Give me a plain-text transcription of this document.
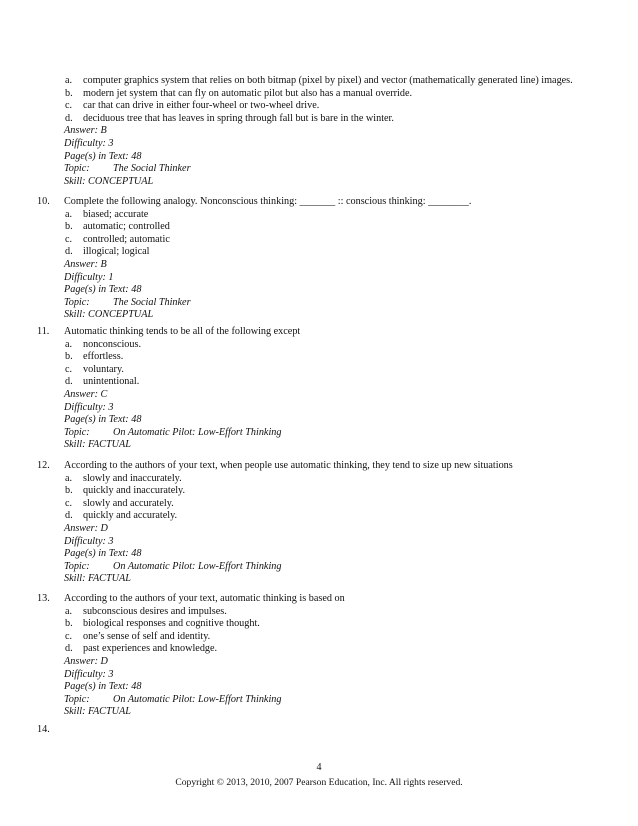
a. computer graphics system that relies on both bitmap (pixel by pixel) and vector (mathematically generated line) images.
b. modern jet system that can fly on automatic pilot but also has a manual override.
c. car that can drive in either four-wheel or two-wheel drive.
d. deciduous tree that has leaves in spring through fall but is bare in the winter.
Answer: B
Difficulty: 3
Page(s) in Text: 48
Topic: The Social Thinker
Skill: CONCEPTUAL
10. Complete the following analogy. Nonconscious thinking: _______ :: conscious thinking: ________.
a. biased; accurate
b. automatic; controlled
c. controlled; automatic
d. illogical; logical
Answer: B
Difficulty: 1
Page(s) in Text: 48
Topic: The Social Thinker
Skill: CONCEPTUAL
11. Automatic thinking tends to be all of the following except
a. nonconscious.
b. effortless.
c. voluntary.
d. unintentional.
Answer: C
Difficulty: 3
Page(s) in Text: 48
Topic: On Automatic Pilot: Low-Effort Thinking
Skill: FACTUAL
12. According to the authors of your text, when people use automatic thinking, they tend to size up new situations
a. slowly and inaccurately.
b. quickly and inaccurately.
c. slowly and accurately.
d. quickly and accurately.
Answer: D
Difficulty: 3
Page(s) in Text: 48
Topic: On Automatic Pilot: Low-Effort Thinking
Skill: FACTUAL
13. According to the authors of your text, automatic thinking is based on
a. subconscious desires and impulses.
b. biological responses and cognitive thought.
c. one’s sense of self and identity.
d. past experiences and knowledge.
Answer: D
Difficulty: 3
Page(s) in Text: 48
Topic: On Automatic Pilot: Low-Effort Thinking
Skill: FACTUAL
14.
4
Copyright © 2013, 2010, 2007 Pearson Education, Inc. All rights reserved.
